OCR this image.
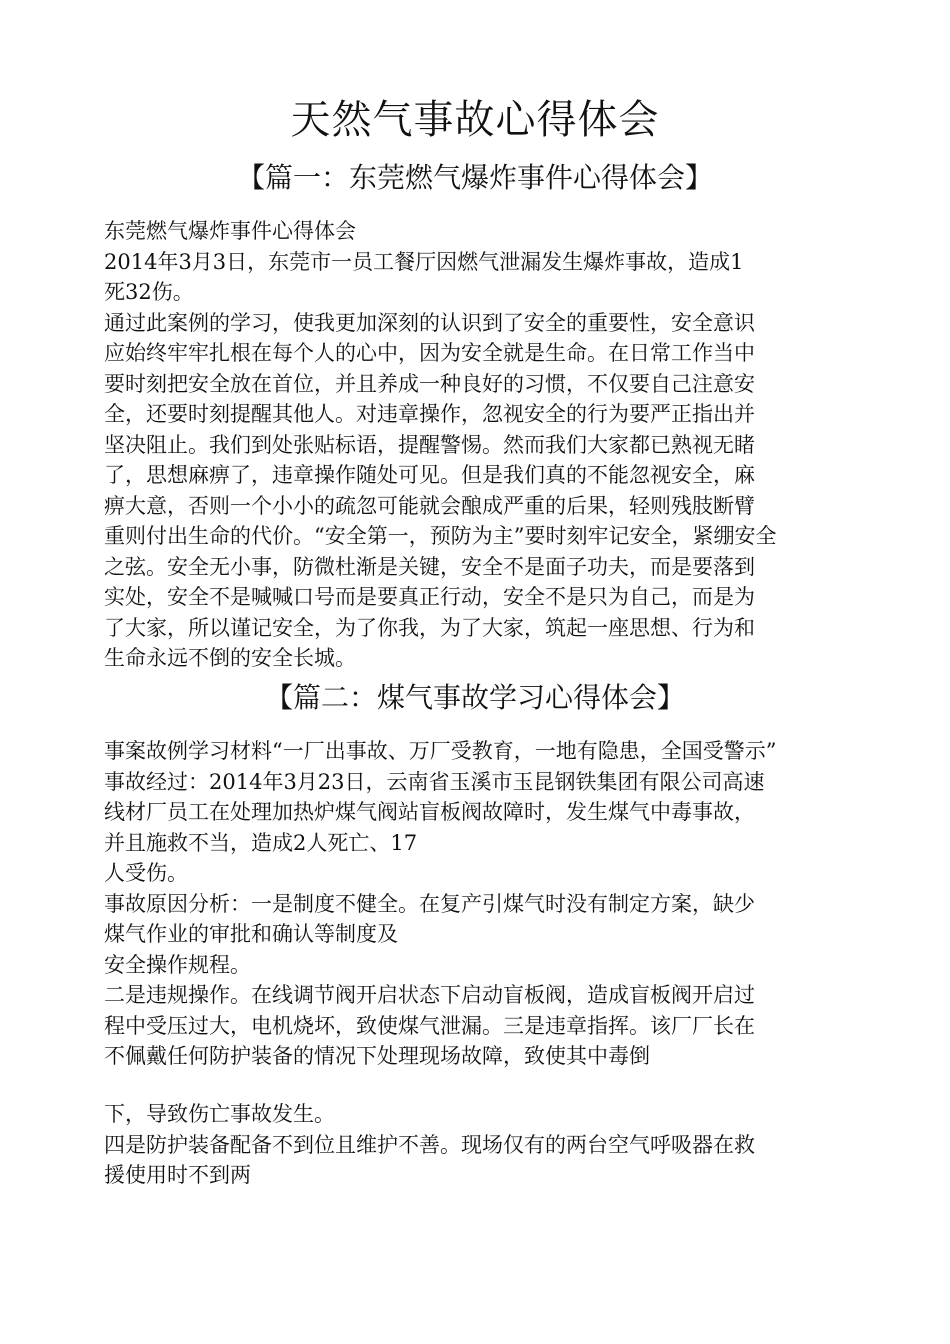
天然气事故心得体会
【篇一：东莞燃气爆炸事件心得体会】
东莞燃气爆炸事件心得体会
2014年3月3日，东莞市一员工餐厅因燃气泄漏发生爆炸事故，造成1
死32伤。
通过此案例的学习，使我更加深刻的认识到了安全的重要性，安全意识
应始终牢牢扎根在每个人的心中，因为安全就是生命。在日常工作当中
要时刻把安全放在首位，并且养成一种良好的习惯，不仅要自己注意安
全，还要时刻提醒其他人。对违章操作，忽视安全的行为要严正指出并
坚决阻止。我们到处张贴标语，提醒警惕。然而我们大家都已熟视无睹
了，思想麻痹了，违章操作随处可见。但是我们真的不能忽视安全，麻
痹大意，否则一个小小的疏忽可能就会酿成严重的后果，轻则残肢断臂
重则付出生命的代价。“安全第一，预防为主”要时刻牢记安全，紧绷安全
之弦。安全无小事，防微杜渐是关键，安全不是面子功夫，而是要落到
实处，安全不是喊喊口号而是要真正行动，安全不是只为自己，而是为
了大家，所以谨记安全，为了你我，为了大家，筑起一座思想、行为和
生命永远不倒的安全长城。
【篇二：煤气事故学习心得体会】
事案故例学习材料“一厂出事故、万厂受教育，一地有隐患，全国受警示”
事故经过：2014年3月23日，云南省玉溪市玉昆钢铁集团有限公司高速
线材厂员工在处理加热炉煤气阀站盲板阀故障时，发生煤气中毒事故，
并且施救不当，造成2人死亡、17
人受伤。
事故原因分析：一是制度不健全。在复产引煤气时没有制定方案，缺少
煤气作业的审批和确认等制度及
安全操作规程。
二是违规操作。在线调节阀开启状态下启动盲板阀，造成盲板阀开启过
程中受压过大，电机烧坏，致使煤气泄漏。三是违章指挥。该厂厂长在
不佩戴任何防护装备的情况下处理现场故障，致使其中毒倒
下，导致伤亡事故发生。
四是防护装备配备不到位且维护不善。现场仅有的两台空气呼吸器在救
援使用时不到两
